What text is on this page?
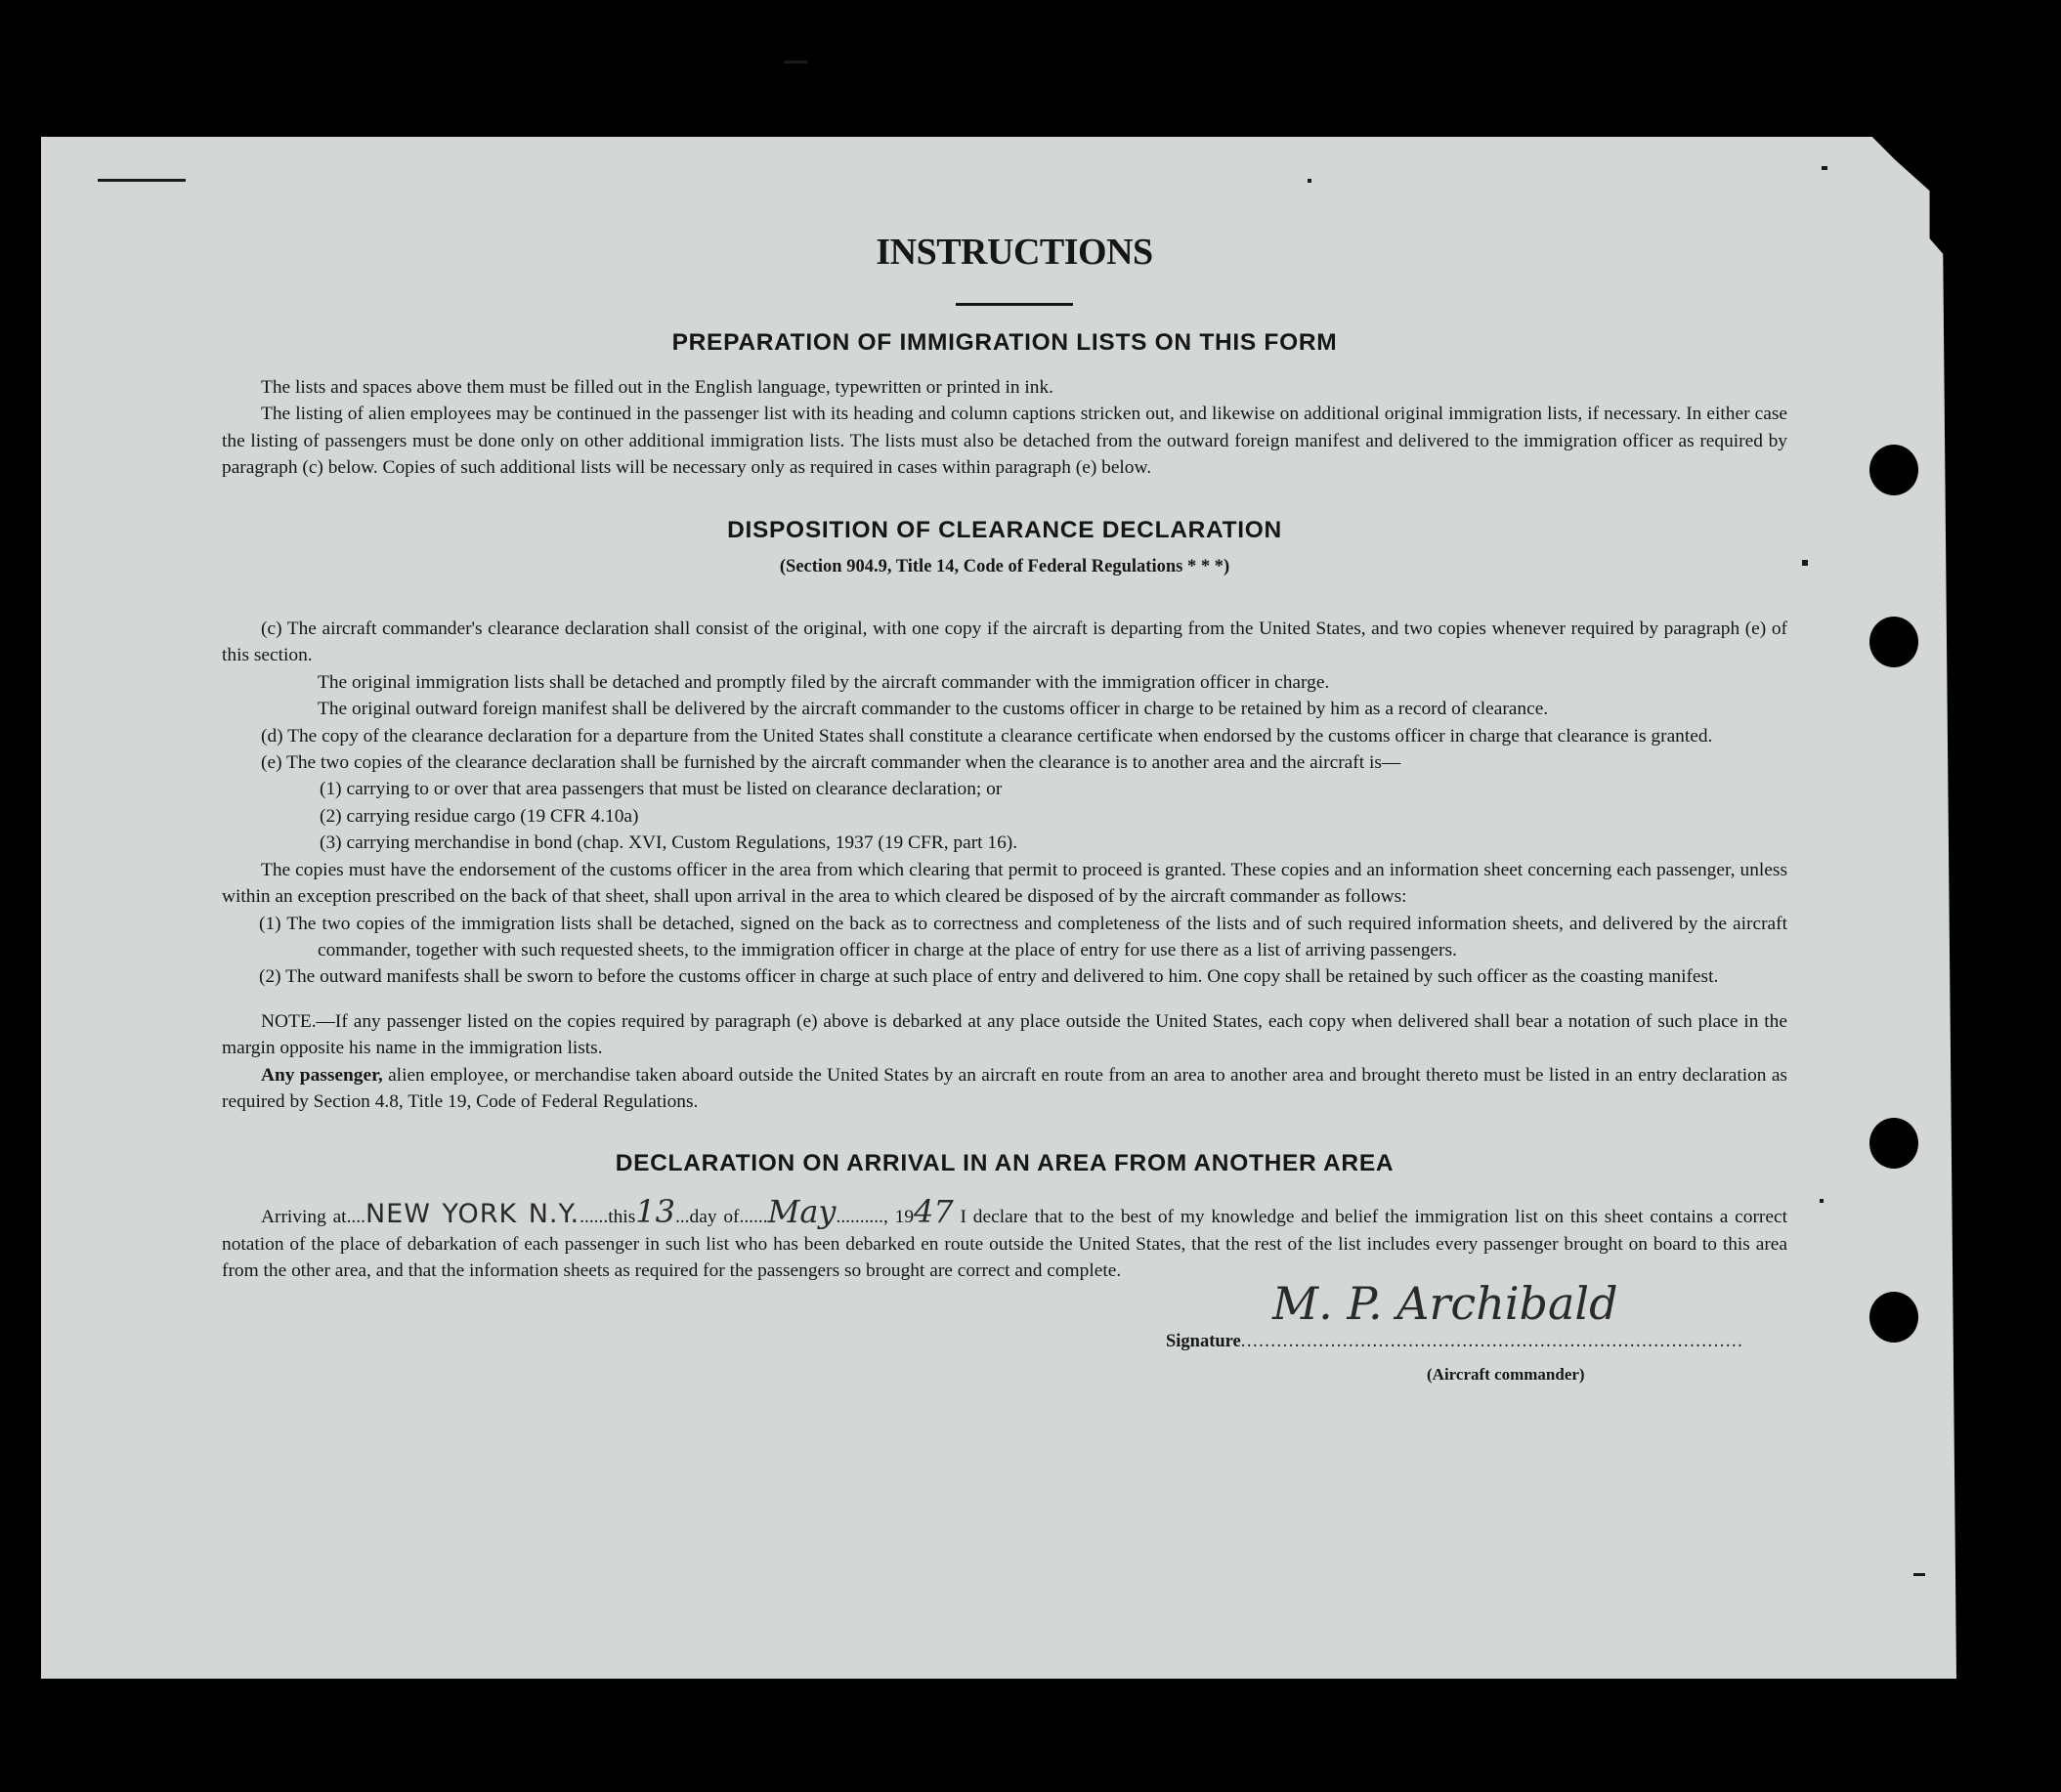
INSTRUCTIONS
PREPARATION OF IMMIGRATION LISTS ON THIS FORM

The lists and spaces above them must be filled out in the English language, typewritten or printed in ink.

The listing of alien employees may be continued in the passenger list with its heading and column captions stricken out, and likewise on additional original immigration lists, if necessary. In either case the listing of passengers must be done only on other additional immigration lists. The lists must also be detached from the outward foreign manifest and delivered to the immigration officer as required by paragraph (c) below. Copies of such additional lists will be necessary only as required in cases within paragraph (e) below.

DISPOSITION OF CLEARANCE DECLARATION

(Section 904.9, Title 14, Code of Federal Regulations * * *)

(c) The aircraft commander's clearance declaration shall consist of the original, with one copy if the aircraft is departing from the United States, and two copies whenever required by paragraph (e) of this section.

The original immigration lists shall be detached and promptly filed by the aircraft commander with the immigration officer in charge.

The original outward foreign manifest shall be delivered by the aircraft commander to the customs officer in charge to be retained by him as a record of clearance.

(d) The copy of the clearance declaration for a departure from the United States shall constitute a clearance certificate when endorsed by the customs officer in charge that clearance is granted.

(e) The two copies of the clearance declaration shall be furnished by the aircraft commander when the clearance is to another area and the aircraft is—

(1) carrying to or over that area passengers that must be listed on clearance declaration; or

(2) carrying residue cargo (19 CFR 4.10a)

(3) carrying merchandise in bond (chap. XVI, Custom Regulations, 1937 (19 CFR, part 16).

The copies must have the endorsement of the customs officer in the area from which clearing that permit to proceed is granted. These copies and an information sheet concerning each passenger, unless within an exception prescribed on the back of that sheet, shall upon arrival in the area to which cleared be disposed of by the aircraft commander as follows:

(1) The two copies of the immigration lists shall be detached, signed on the back as to correctness and completeness of the lists and of such required information sheets, and delivered by the aircraft commander, together with such requested sheets, to the immigration officer in charge at the place of entry for use there as a list of arriving passengers.

(2) The outward manifests shall be sworn to before the customs officer in charge at such place of entry and delivered to him. One copy shall be retained by such officer as the coasting manifest.

NOTE.—If any passenger listed on the copies required by paragraph (e) above is debarked at any place outside the United States, each copy when delivered shall bear a notation of such place in the margin opposite his name in the immigration lists.

Any passenger, alien employee, or merchandise taken aboard outside the United States by an aircraft en route from an area to another area and brought thereto must be listed in an entry declaration as required by Section 4.8, Title 19, Code of Federal Regulations.

DECLARATION ON ARRIVAL IN AN AREA FROM ANOTHER AREA

Arriving at....NEW YORK N.Y.......this13...day of......May.........., 1947 I declare that to the best of my knowledge and belief the immigration list on this sheet contains a correct notation of the place of debarkation of each passenger in such list who has been debarked en route outside the United States, that the rest of the list includes every passenger brought on board to this area from the other area, and that the information sheets as required for the passengers so brought are correct and complete.

M. P. Archibald
Signature....................................................................................
(Aircraft commander)
